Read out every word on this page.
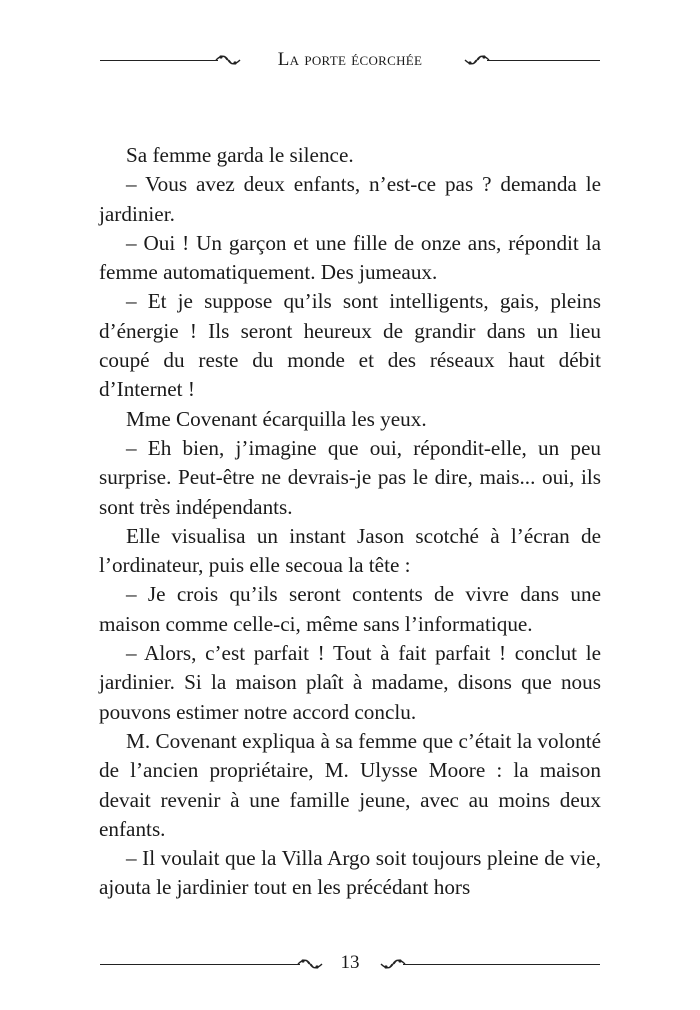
La porte écorchée

Sa femme garda le silence.

– Vous avez deux enfants, n’est-ce pas ? demanda le jardinier.

– Oui ! Un garçon et une fille de onze ans, répondit la femme automatiquement. Des jumeaux.

– Et je suppose qu’ils sont intelligents, gais, pleins d’énergie ! Ils seront heureux de grandir dans un lieu coupé du reste du monde et des réseaux haut débit d’Internet !

Mme Covenant écarquilla les yeux.

– Eh bien, j’imagine que oui, répondit-elle, un peu surprise. Peut-être ne devrais-je pas le dire, mais... oui, ils sont très indépendants.

Elle visualisa un instant Jason scotché à l’écran de l’ordinateur, puis elle secoua la tête :

– Je crois qu’ils seront contents de vivre dans une maison comme celle-ci, même sans l’informatique.

– Alors, c’est parfait ! Tout à fait parfait ! conclut le jardinier. Si la maison plaît à madame, disons que nous pouvons estimer notre accord conclu.

M. Covenant expliqua à sa femme que c’était la volonté de l’ancien propriétaire, M. Ulysse Moore : la maison devait revenir à une famille jeune, avec au moins deux enfants.

– Il voulait que la Villa Argo soit toujours pleine de vie, ajouta le jardinier tout en les précédant hors

13
